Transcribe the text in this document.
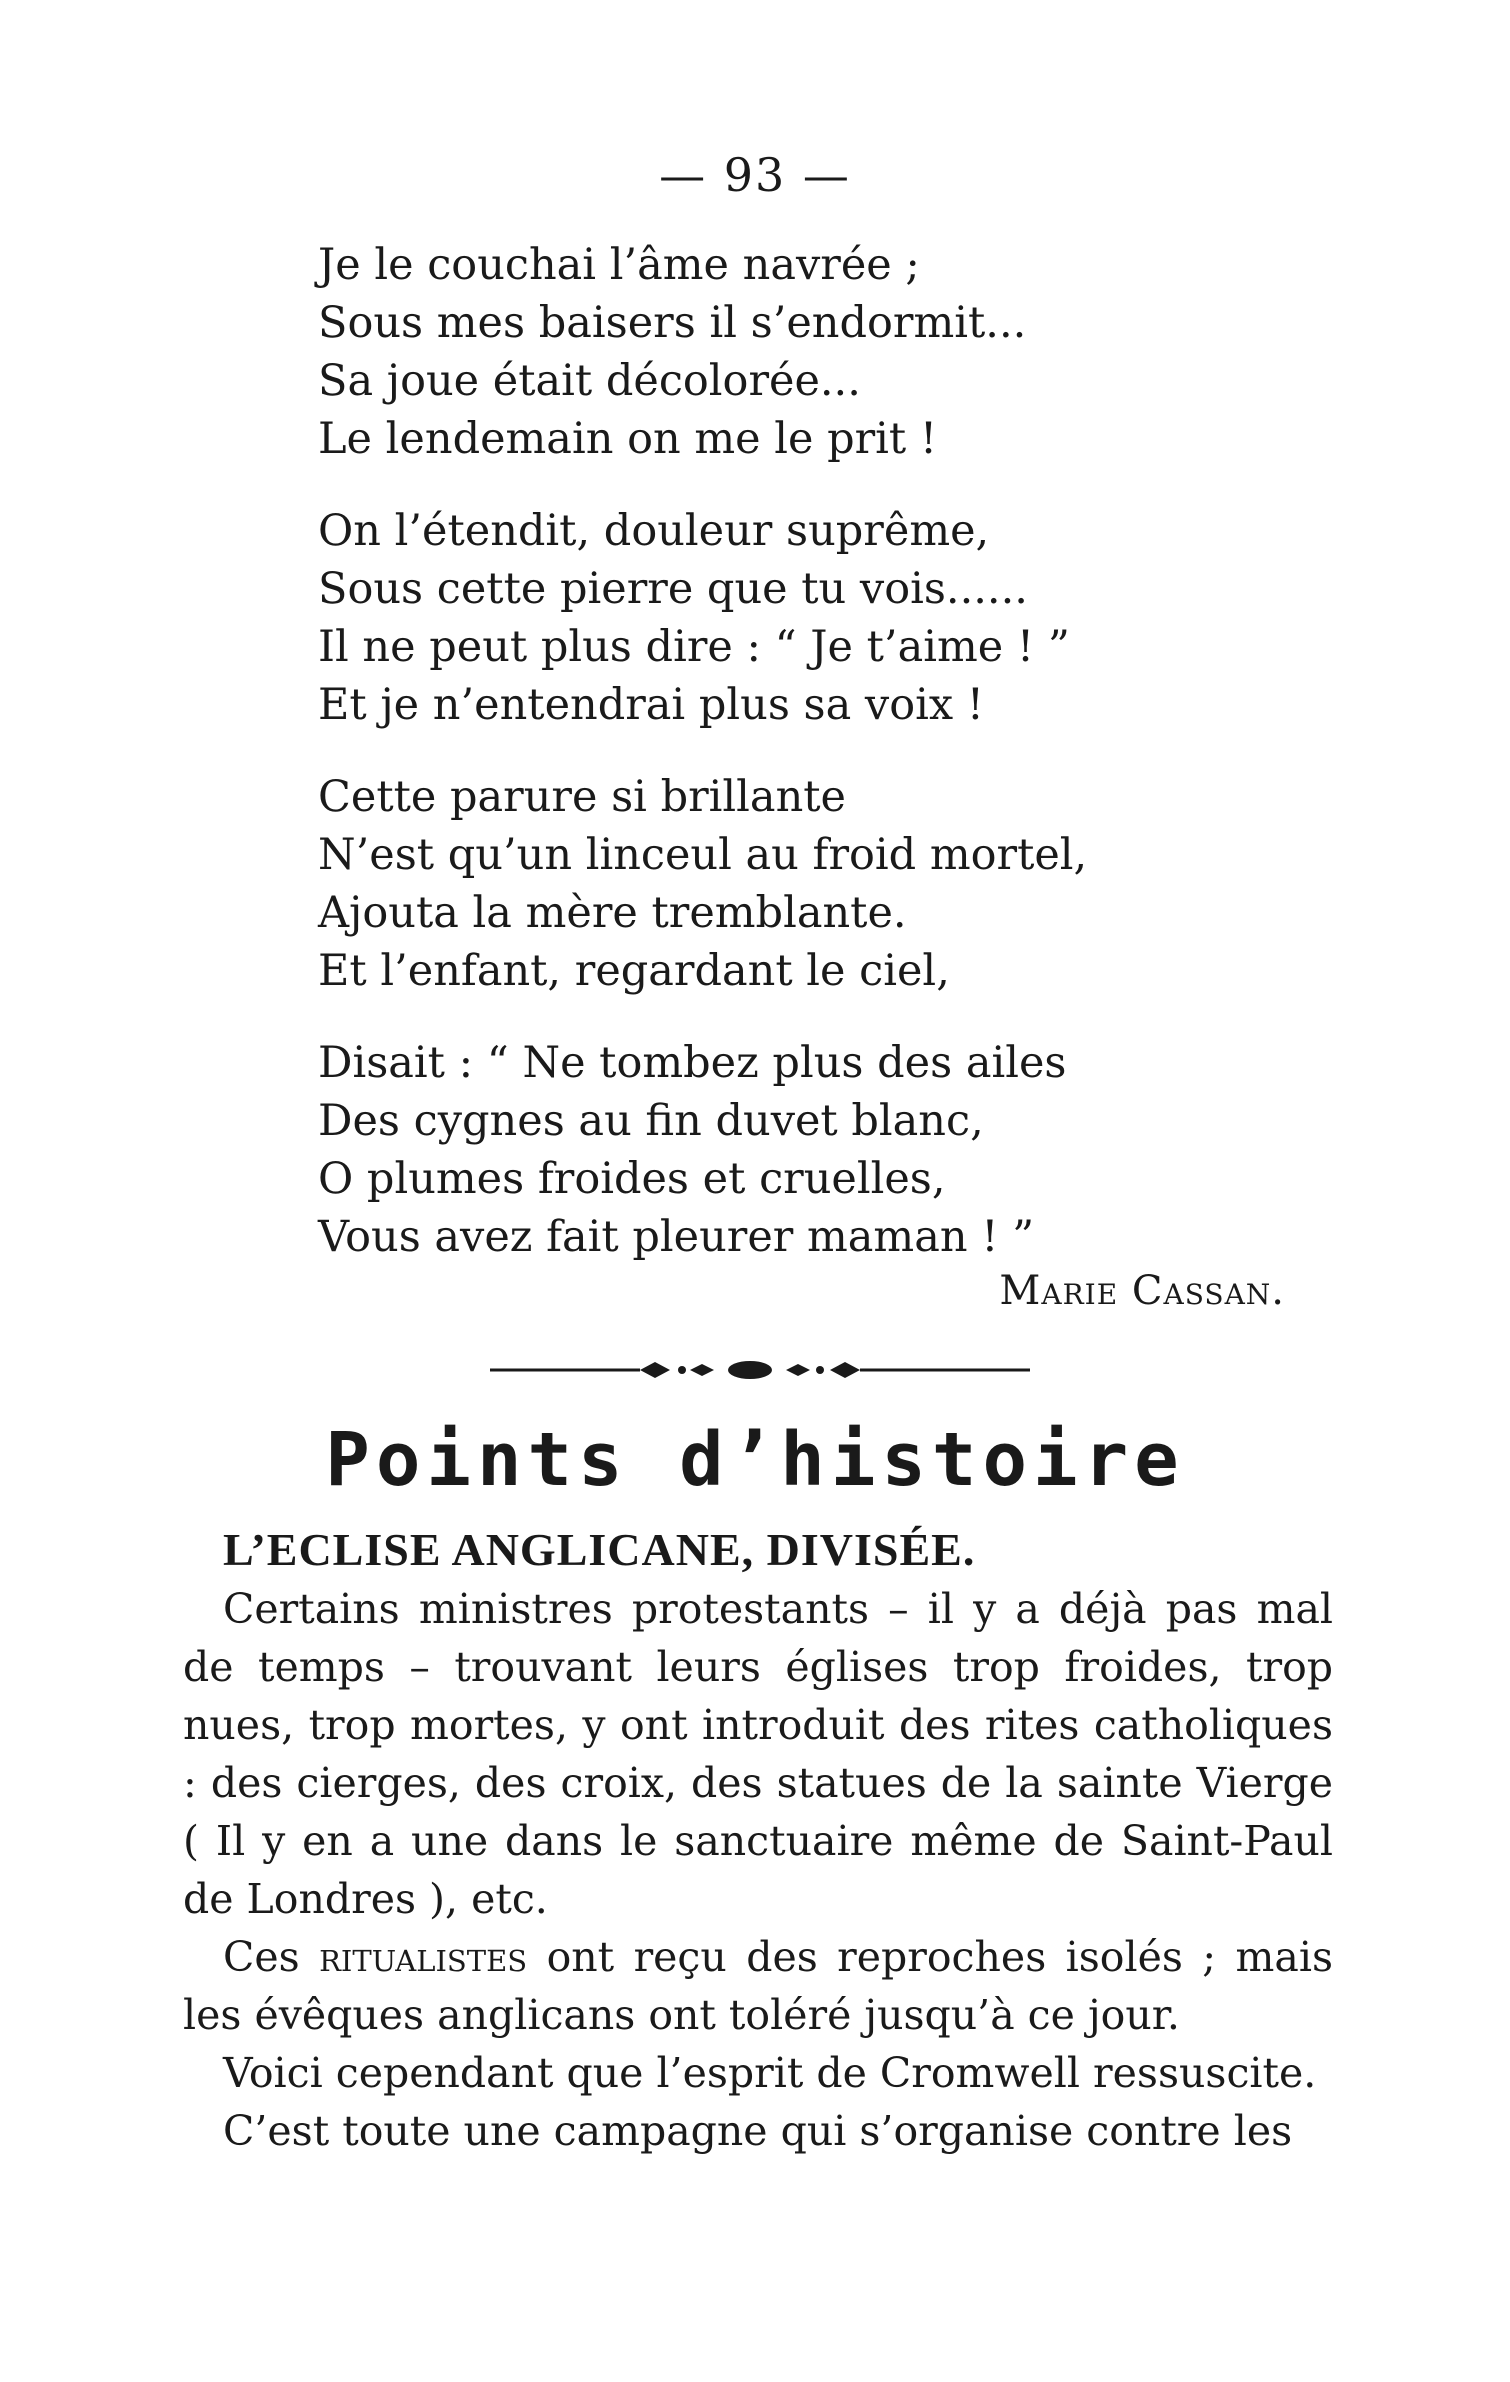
— 93 —
Je le couchai l’âme navrée ;
Sous mes baisers il s’endormit...
Sa joue était décolorée...
Le lendemain on me le prit !
On l’étendit, douleur suprême,
Sous cette pierre que tu vois......
Il ne peut plus dire : “ Je t’aime ! ”
Et je n’entendrai plus sa voix !
Cette parure si brillante
N’est qu’un linceul au froid mortel,
Ajouta la mère tremblante.
Et l’enfant, regardant le ciel,
Disait : “ Ne tombez plus des ailes
Des cygnes au fin duvet blanc,
O plumes froides et cruelles,
Vous avez fait pleurer maman ! ”
Marie Cassan.
Points d’histoire

L’ECLISE ANGLICANE, DIVISÉE.

Certains ministres protestants – il y a déjà pas mal de temps – trouvant leurs églises trop froides, trop nues, trop mortes, y ont introduit des rites catholiques : des cierges, des croix, des statues de la sainte Vierge ( Il y en a une dans le sanctuaire même de Saint-Paul de Londres ), etc.

Ces ritualistes ont reçu des reproches isolés ; mais les évêques anglicans ont toléré jusqu’à ce jour.

Voici cependant que l’esprit de Cromwell ressuscite.

C’est toute une campagne qui s’organise contre les
